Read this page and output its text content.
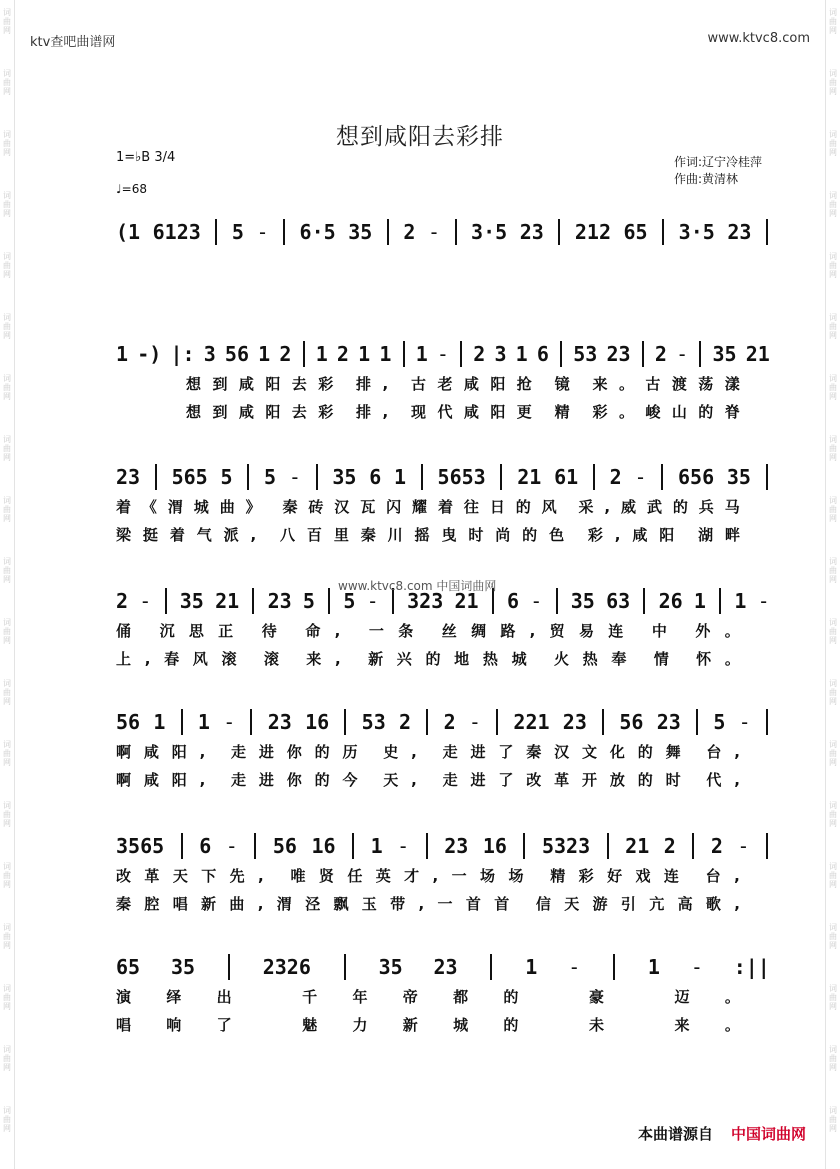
词
曲
网
词
曲
网
词
曲
网
词
曲
网
词
曲
网
词
曲
网
词
曲
网
词
曲
网
词
曲
网
词
曲
网
词
曲
网
词
曲
网
词
曲
网
词
曲
网
词
曲
网
词
曲
网
词
曲
网
词
曲
网
词
曲
网
词
曲
网
词
曲
网
词
曲
网
词
曲
网
词
曲
网
词
曲
网
词
曲
网
词
曲
网
词
曲
网
词
曲
网
词
曲
网
词
曲
网
词
曲
网
词
曲
网
词
曲
网
词
曲
网
词
曲
网
词
曲
网
词
曲
网
ktv查吧曲谱网	www.ktvc8.com
想到咸阳去彩排
1=♭B 3/4
♩=68
作词:辽宁冷桂萍
作曲:黄清林
(1 6123 5 - 6·5 35 2 - 3·5 23 212 65 3·5 23
1 -) |: 3 56 1 2 1 2 1 1 1 - 2 3 1 6 53 23 2 - 35 21
想 到 咸 阳 去 彩 排 , 古 老 咸 阳 抢 镜 来 。 古 渡 荡 漾
想 到 咸 阳 去 彩 排 , 现 代 咸 阳 更 精 彩 。 峻 山 的 脊
23 565 5 5 - 35 6 1 5653 21 61 2 - 656 35
着 《 渭 城 曲 》 秦 砖 汉 瓦 闪 耀 着 往 日 的 风 采 , 威 武 的 兵 马
梁 挺 着 气 派 , 八 百 里 秦 川 摇 曳 时 尚 的 色 彩 , 咸 阳 湖 畔
2 - 35 21 23 5 5 - 323 21 6 - 35 63 26 1 1 -
俑 沉 思 正 待 命 , 一 条 丝 绸 路 , 贸 易 连 中 外 。
上 , 春 风 滚 滚 来 , 新 兴 的 地 热 城 火 热 奉 情 怀 。
56 1 1 - 23 16 53 2 2 - 221 23 56 23 5 -
啊 咸 阳 , 走 进 你 的 历 史 , 走 进 了 秦 汉 文 化 的 舞 台 ,
啊 咸 阳 , 走 进 你 的 今 天 , 走 进 了 改 革 开 放 的 时 代 ,
3565 6 - 56 16 1 - 23 16 5323 21 2 2 -
改 革 天 下 先 , 唯 贤 任 英 才 , 一 场 场 精 彩 好 戏 连 台 ,
秦 腔 唱 新 曲 , 渭 泾 飘 玉 带 , 一 首 首 信 天 游 引 亢 高 歌 ,
65 35	2326	35 23	1 -	1 - :||
演 绎 出	千 年 帝 都 的	豪	迈 。
唱 响 了	魅 力 新 城 的	未	来 。
www.ktvc8.com 中国词曲网
本曲谱源自 中国词曲网
